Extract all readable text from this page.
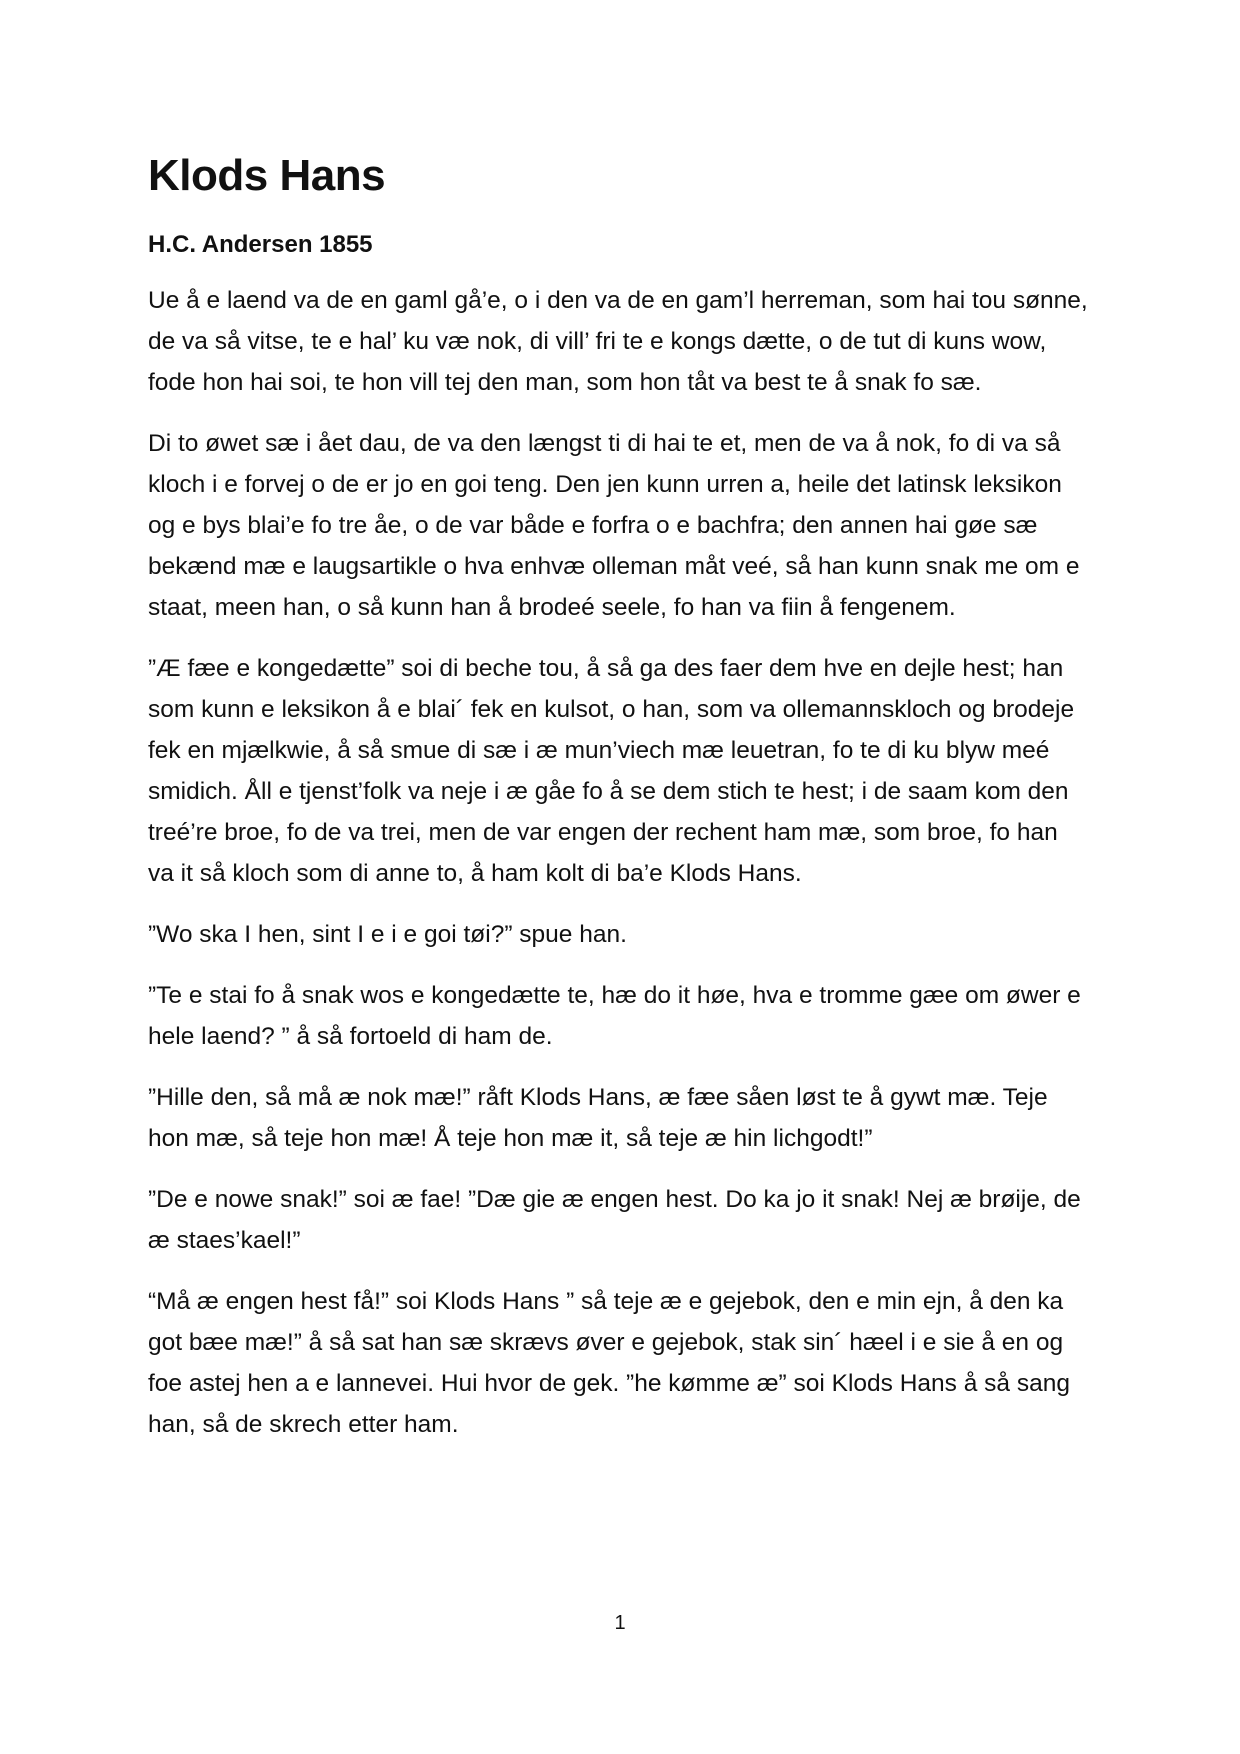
Klods Hans
H.C. Andersen 1855

Ue å e laend va de en gaml gå’e, o i den va de en gam’l herreman, som hai tou sønne, de va så vitse, te e hal’ ku væ nok, di vill’ fri te e kongs dætte, o de tut di kuns wow, fode hon hai soi, te hon vill tej den man, som hon tåt va best te å snak fo sæ.

Di to øwet sæ i ået dau, de va den længst ti di hai te et, men de va å nok, fo di va så kloch i e forvej o de er jo en goi teng. Den jen kunn urren a, heile det latinsk leksikon og e bys blai’e fo tre åe, o de var både e forfra o e bachfra; den annen hai gøe sæ bekænd mæ e laugsartikle o hva enhvæ olleman måt veé, så han kunn snak me om e staat, meen han, o så kunn han å brodeé seele, fo han va fiin å fengenem.

”Æ fæe e kongedætte” soi di beche tou, å så ga des faer dem hve en dejle hest; han som kunn e leksikon å e blai´ fek en kulsot, o han, som va ollemannskloch og brodeje fek en mjælkwie, å så smue di sæ i æ mun’viech mæ leuetran, fo te di ku blyw meé smidich. Åll e tjenst’folk va neje i æ gåe fo å se dem stich te hest; i de saam kom den treé’re broe, fo de va trei, men de var engen der rechent ham mæ, som broe, fo han va it så kloch som di anne to, å ham kolt di ba’e Klods Hans.

”Wo ska I hen, sint I e i e goi tøi?” spue han.

”Te e stai fo å snak wos e kongedætte te, hæ do it høe, hva e tromme gæe om øwer e hele laend? ” å så fortoeld di ham de.

”Hille den, så må æ nok mæ!” råft Klods Hans, æ fæe såen løst te å gywt mæ. Teje hon mæ, så teje hon mæ! Å teje hon mæ it, så teje æ hin lichgodt!”

”De e nowe snak!” soi æ fae! ”Dæ gie æ engen hest. Do ka jo it snak! Nej æ brøije, de æ staes’kael!”

“Må æ engen hest få!” soi Klods Hans ” så teje æ e gejebok, den e min ejn, å den ka got bæe mæ!” å så sat han sæ skrævs øver e gejebok, stak sin´ hæel i e sie å en og foe astej hen a e lannevei. Hui hvor de gek. ”he kømme æ” soi Klods Hans å så sang han, så de skrech etter ham.

1
